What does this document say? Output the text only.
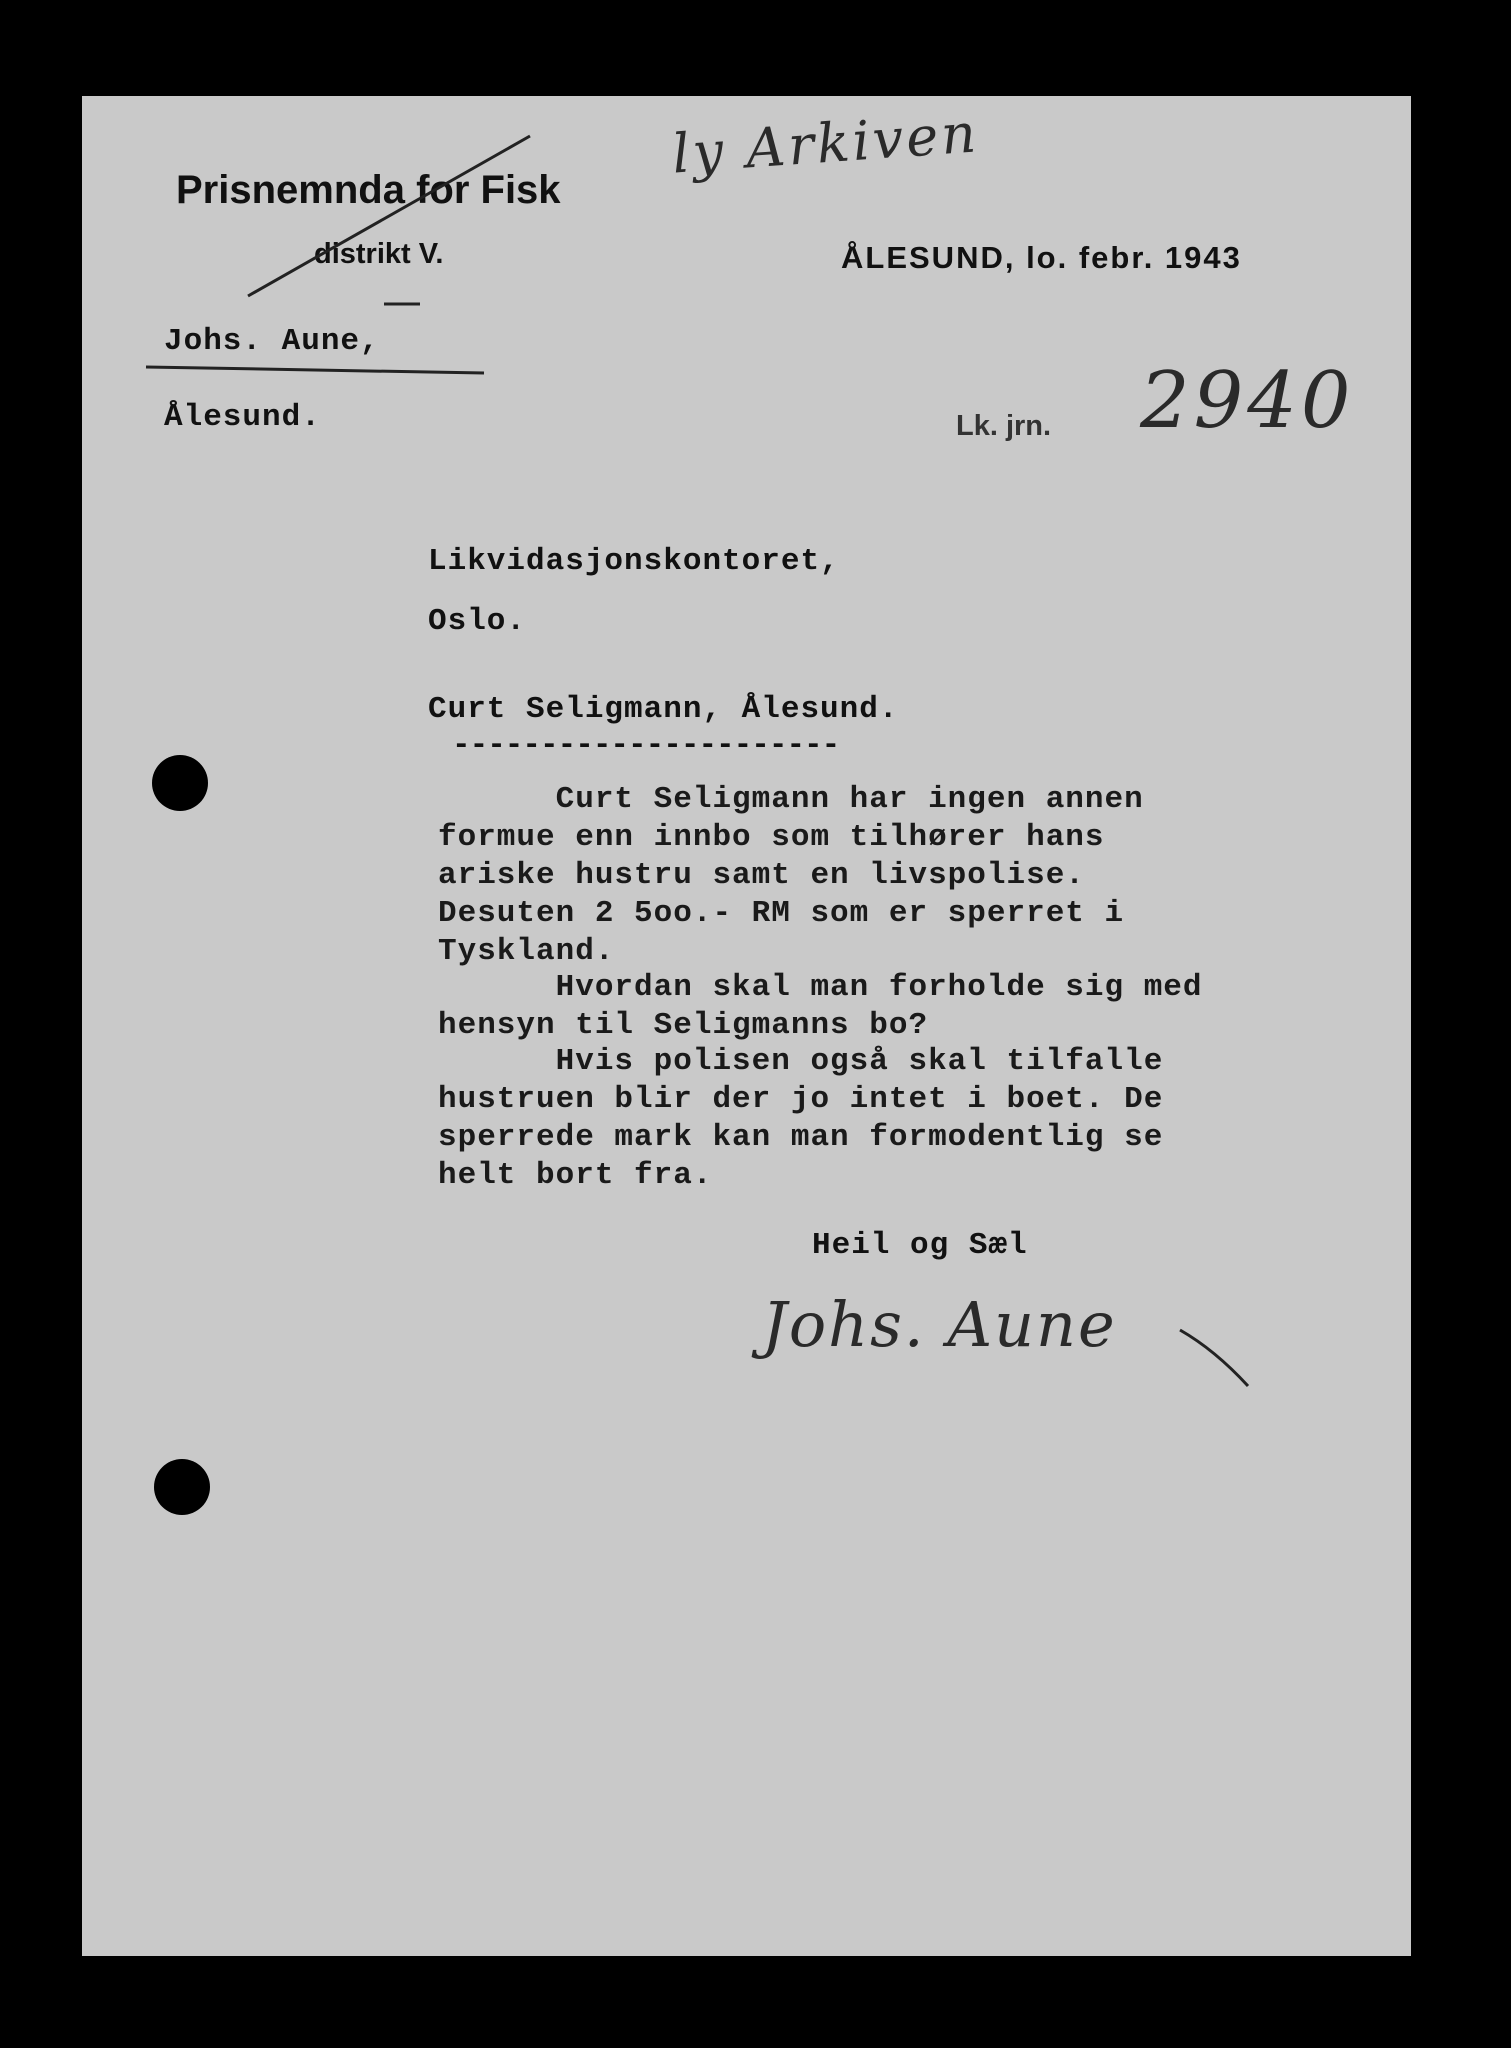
Prisnemnda for Fisk
distrikt V.	ÅLESUND, lo. febr. 1943
Johs. Aune,
Ålesund.	Lk. jrn. 2940
ly Arkiven
Likvidasjonskontoret,
Oslo.
Curt Seligmann, Ålesund.
----------------------
Curt Seligmann har ingen annen
formue enn innbo som tilhører hans
ariske hustru samt en livspolise.
Desuten 2 5oo.- RM som er sperret i
Tyskland.
Hvordan skal man forholde sig med
hensyn til Seligmanns bo?
Hvis polisen også skal tilfalle
hustruen blir der jo intet i boet. De
sperrede mark kan man formodentlig se
helt bort fra.
Heil og Sæl
Johs. Aune
